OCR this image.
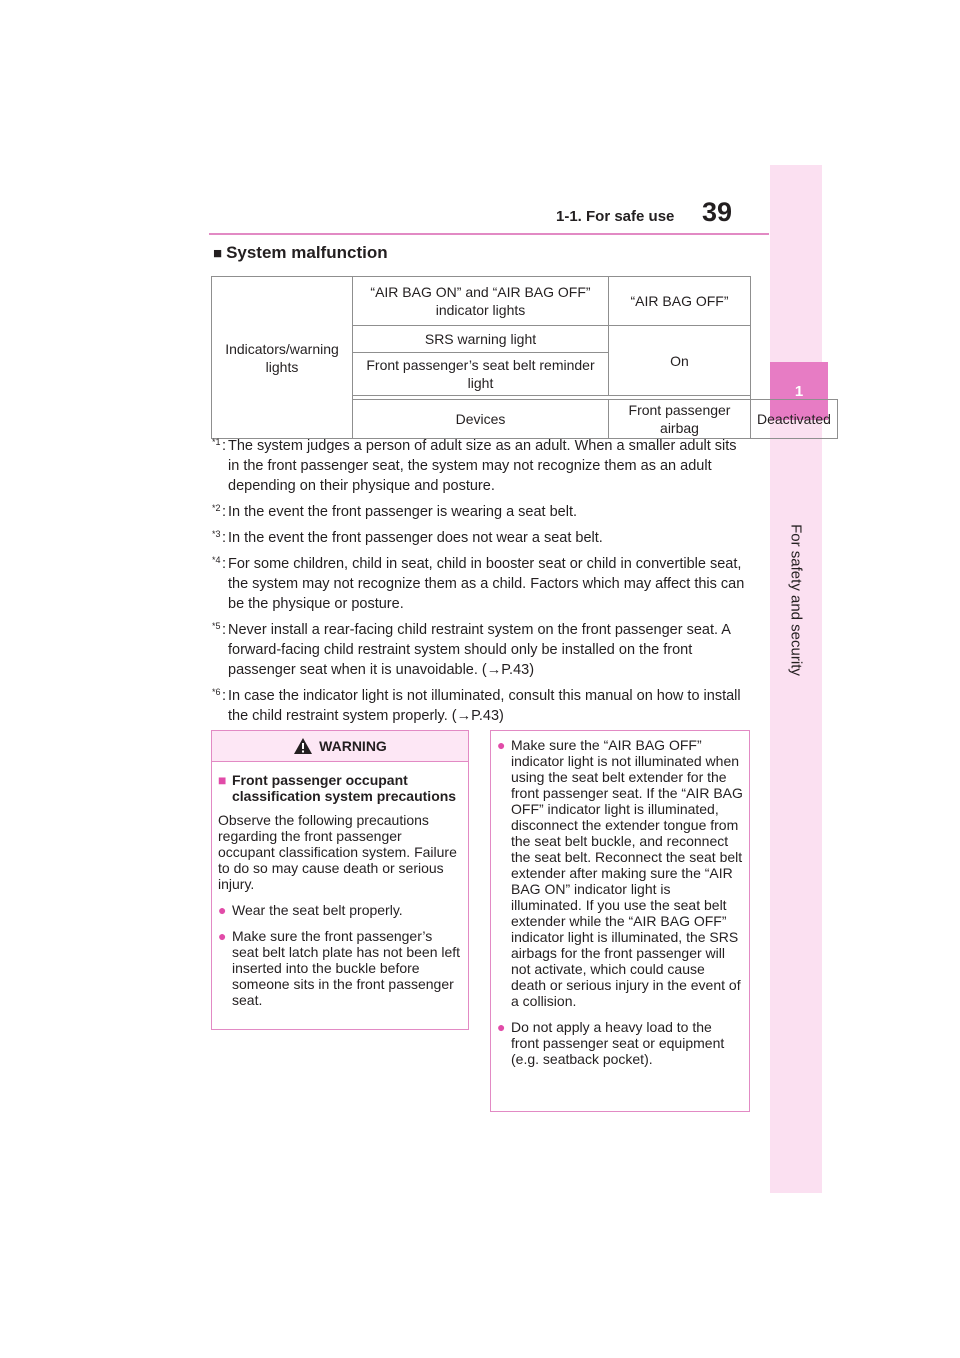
1-1. For safe use 39
1
For safety and security
■ System malfunction
Indicators/warning lights	“AIR BAG ON” and “AIR BAG OFF” indicator lights	“AIR BAG OFF”	
	SRS warning light	On	
	Front passenger’s seat belt reminder light		

	Devices	Front passenger airbag	Deactivated
*1 : The system judges a person of adult size as an adult. When a smaller adult sits in the front passenger seat, the system may not recognize them as an adult depending on their physique and posture.
*2 : In the event the front passenger is wearing a seat belt.
*3 : In the event the front passenger does not wear a seat belt.
*4 : For some children, child in seat, child in booster seat or child in convertible seat, the system may not recognize them as a child. Factors which may affect this can be the physique or posture.
*5 : Never install a rear-facing child restraint system on the front passenger seat. A forward-facing child restraint system should only be installed on the front passenger seat when it is unavoidable. (→P.43)
*6 : In case the indicator light is not illuminated, consult this manual on how to install the child restraint system properly. (→P.43)
WARNING
■ Front passenger occupant classification system precautions
Observe the following precautions regarding the front passenger occupant classification system. Failure to do so may cause death or serious injury.
● Wear the seat belt properly.
● Make sure the front passenger’s seat belt latch plate has not been left inserted into the buckle before someone sits in the front passenger seat.
● Make sure the “AIR BAG OFF” indicator light is not illuminated when using the seat belt extender for the front passenger seat. If the “AIR BAG OFF” indicator light is illuminated, disconnect the extender tongue from the seat belt buckle, and reconnect the seat belt. Reconnect the seat belt extender after making sure the “AIR BAG ON” indicator light is illuminated. If you use the seat belt extender while the “AIR BAG OFF” indicator light is illuminated, the SRS airbags for the front passenger will not activate, which could cause death or serious injury in the event of a collision.
● Do not apply a heavy load to the front passenger seat or equipment (e.g. seatback pocket).
